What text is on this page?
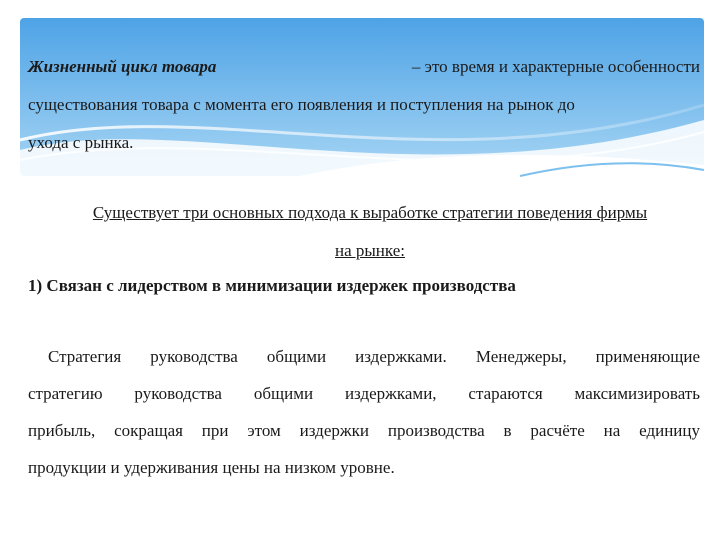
Жизненный цикл товара	– это время и характерные особенности
существования товара с момента его появления и поступления на рынок до
ухода с рынка.
Существует три основных подхода к выработке стратегии поведения фирмы
на рынке:
1) Связан с лидерством в минимизации издержек производства
Стратегия руководства общими издержками. Менеджеры, применяющие
стратегию руководства общими издержками, стараются максимизировать
прибыль, сокращая при этом издержки производства в расчёте на единицу
продукции и удерживания цены на низком уровне.
